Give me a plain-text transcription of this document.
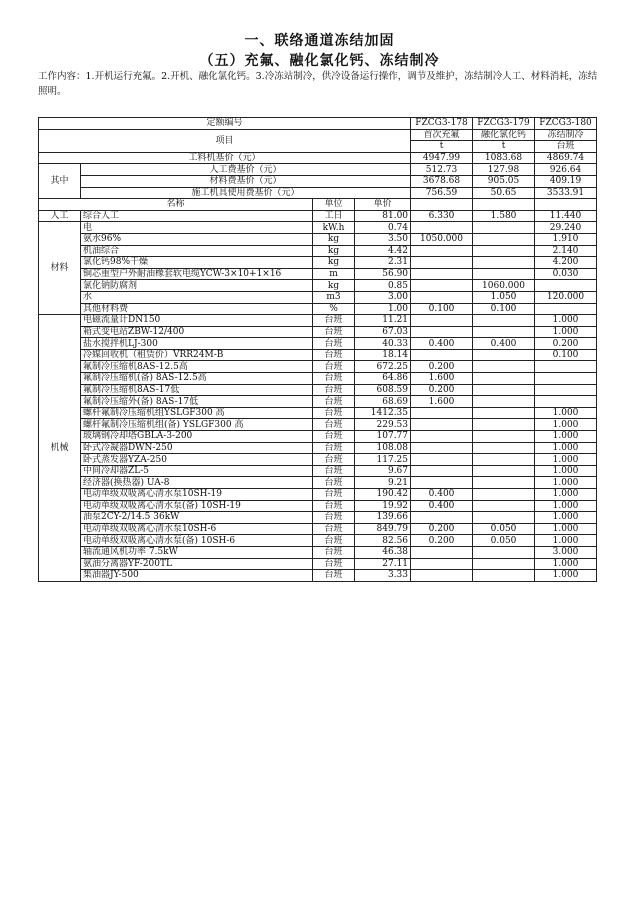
一、联络通道冻结加固
（五）充氟、融化氯化钙、冻结制冷
工作内容：1.开机运行充氟。2.开机、融化氯化钙。3.冷冻站制冷，供冷设备运行操作，调节及维护，冻结制冷人工、材料消耗，冻结照明。
定额编号				FZCG3-178	FZCG3-179	FZCG3-180
项目				首次充氟	融化氯化钙	冻结制冷
				t	t	台班
工料机基价（元）				4947.99	1083.68	4869.74
其中	人工费基价（元）			512.73	127.98	926.64
	材料费基价（元）			3678.68	905.05	409.19
	施工机具使用费基价（元）			756.59	50.65	3533.91
名称		单位	单价			
人工	综合人工	工日	81.00	6.330	1.580	11.440
材料	电	kW.h	0.74			29.240
	氨水96%	kg	3.50	1050.000		1.910
	机油综合	kg	4.42			2.140
	氯化钙98%干燥	kg	2.31			4.200
	铜芯重型户外耐油橡套软电缆YCW-3×10+1×16	m	56.90			0.030
	氯化钠防腐剂	kg	0.85		1060.000	
	水	m3	3.00		1.050	120.000
	其他材料费	%	1.00	0.100	0.100	
机械	电磁流量计DN150	台班	11.21			1.000
	箱式变电站ZBW-12/400	台班	67.03			1.000
	盐水搅拌机LJ-300	台班	40.33	0.400	0.400	0.200
	冷媒回收机（租赁价）VRR24M-B	台班	18.14			0.100
	氟制冷压缩机8AS-12.5高	台班	672.25	0.200		
	氟制冷压缩机(备) 8AS-12.5高	台班	64.86	1.600		
	氟制冷压缩机8AS-17低	台班	608.59	0.200		
	氟制冷压缩外(备) 8AS-17低	台班	68.69	1.600		
	螺杆氟制冷压缩机组YSLGF300 高	台班	1412.35			1.000
	螺杆氟制冷压缩机组(备) YSLGF300 高	台班	229.53			1.000
	玻璃钢冷却塔GBLA-3-200	台班	107.77			1.000
	卧式冷凝器DWN-250	台班	108.08			1.000
	卧式蒸发器YZA-250	台班	117.25			1.000
	中间冷却器ZL-5	台班	9.67			1.000
	经济器(换热器) UA-8	台班	9.21			1.000
	电动单级双吸离心清水泵10SH-19	台班	190.42	0.400		1.000
	电动单级双吸离心清水泵(备) 10SH-19	台班	19.92	0.400		1.000
	油泵2CY-2/14.5 36kW	台班	139.66			1.000
	电动单级双吸离心清水泵10SH-6	台班	849.79	0.200	0.050	1.000
	电动单级双吸离心清水泵(备) 10SH-6	台班	82.56	0.200	0.050	1.000
	轴流通风机功率 7.5kW	台班	46.38			3.000
	氨油分离器YF-200TL	台班	27.11			1.000
	集油器JY-500	台班	3.33			1.000
